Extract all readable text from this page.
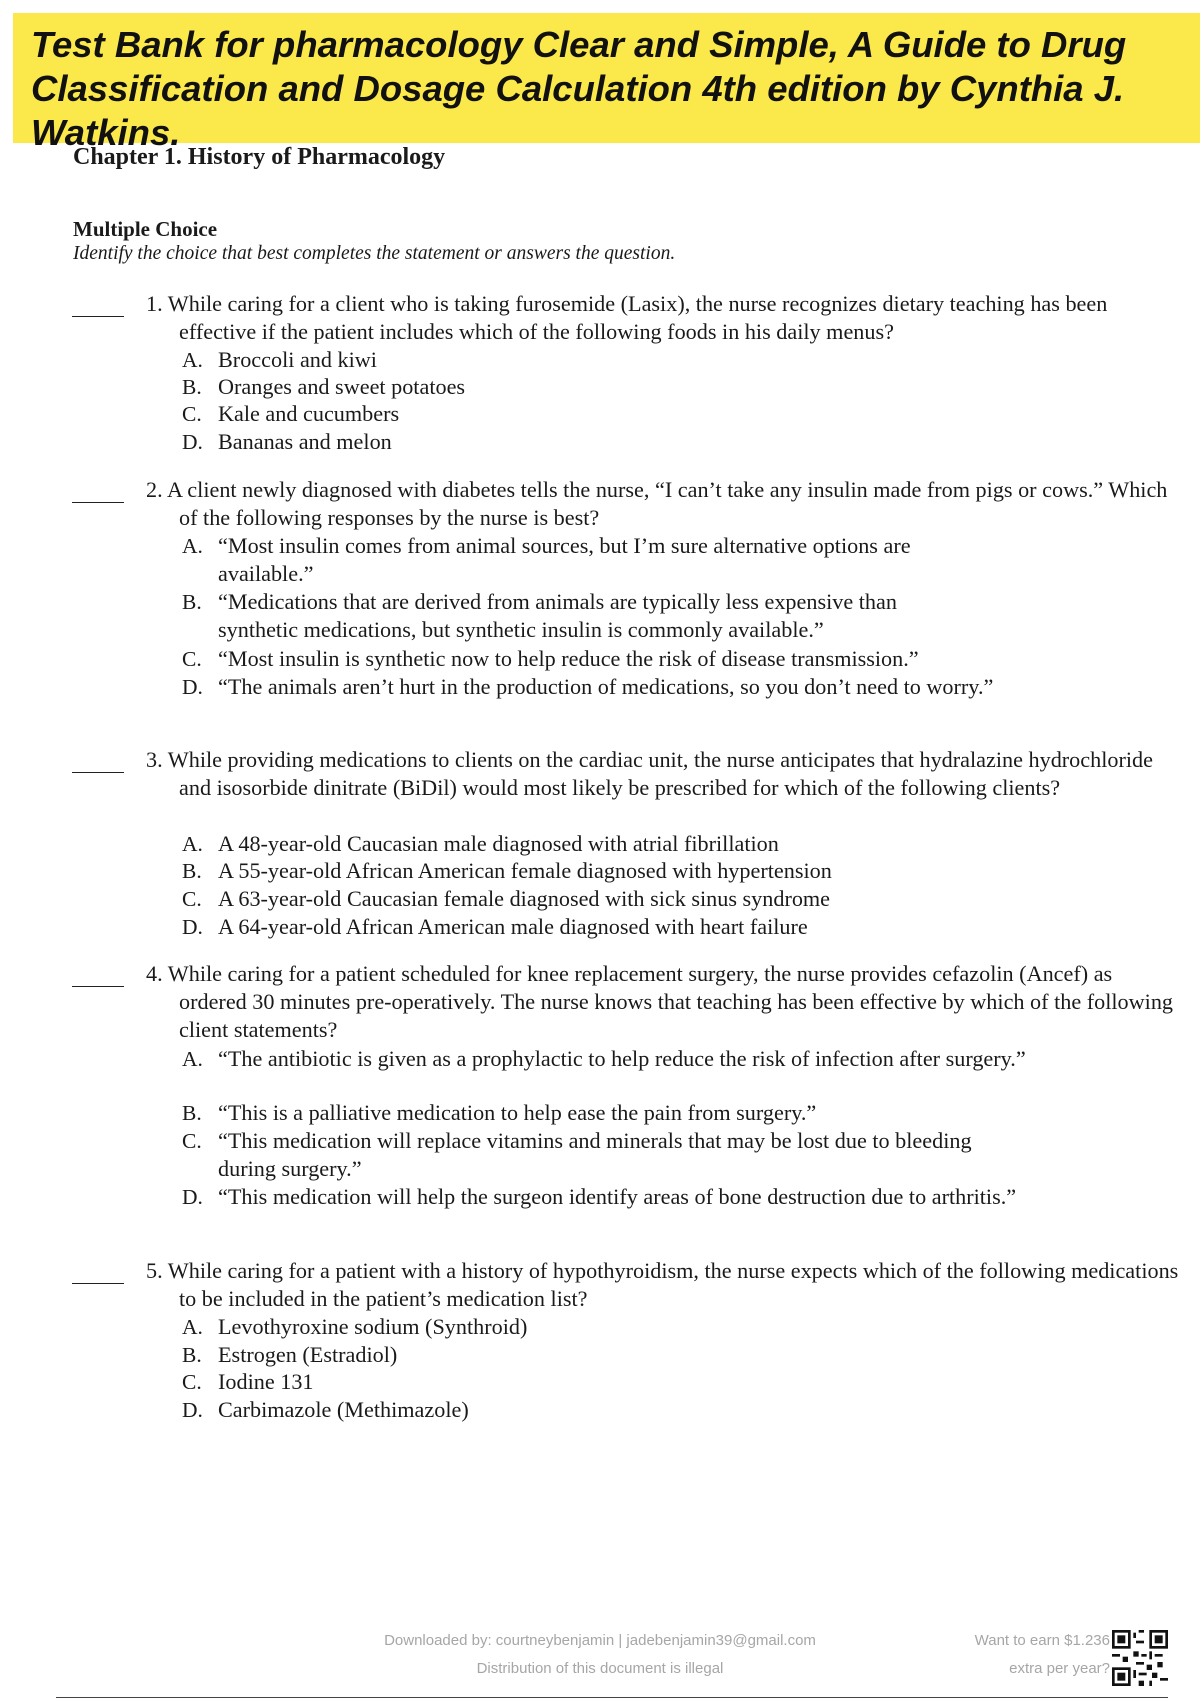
Test Bank for pharmacology Clear and Simple, A Guide to Drug Classification and Dosage Calculation 4th edition by Cynthia J. Watkins.
Chapter 1. History of Pharmacology
Multiple Choice

Identify the choice that best completes the statement or answers the question.

1. While caring for a client who is taking furosemide (Lasix), the nurse recognizes dietary teaching has been effective if the patient includes which of the following foods in his daily menus?

A. Broccoli and kiwi

B. Oranges and sweet potatoes

C. Kale and cucumbers

D. Bananas and melon

2. A client newly diagnosed with diabetes tells the nurse, “I can’t take any insulin made from pigs or cows.” Which of the following responses by the nurse is best?

A. “Most insulin comes from animal sources, but I’m sure alternative options are available.”

B. “Medications that are derived from animals are typically less expensive than synthetic medications, but synthetic insulin is commonly available.”

C. “Most insulin is synthetic now to help reduce the risk of disease transmission.”

D. “The animals aren’t hurt in the production of medications, so you don’t need to worry.”

3. While providing medications to clients on the cardiac unit, the nurse anticipates that hydralazine hydrochloride and isosorbide dinitrate (BiDil) would most likely be prescribed for which of the following clients?

A. A 48-year-old Caucasian male diagnosed with atrial fibrillation

B. A 55-year-old African American female diagnosed with hypertension

C. A 63-year-old Caucasian female diagnosed with sick sinus syndrome

D. A 64-year-old African American male diagnosed with heart failure

4. While caring for a patient scheduled for knee replacement surgery, the nurse provides cefazolin (Ancef) as ordered 30 minutes pre-operatively. The nurse knows that teaching has been effective by which of the following client statements?

A. “The antibiotic is given as a prophylactic to help reduce the risk of infection after surgery.”

B. “This is a palliative medication to help ease the pain from surgery.”

C. “This medication will replace vitamins and minerals that may be lost due to bleeding during surgery.”

D. “This medication will help the surgeon identify areas of bone destruction due to arthritis.”

5. While caring for a patient with a history of hypothyroidism, the nurse expects which of the following medications to be included in the patient’s medication list?

A. Levothyroxine sodium (Synthroid)

B. Estrogen (Estradiol)

C. Iodine 131

D. Carbimazole (Methimazole)

Downloaded by: courtneybenjamin | jadebenjamin39@gmail.com

Distribution of this document is illegal

Want to earn $1.236

extra per year?
